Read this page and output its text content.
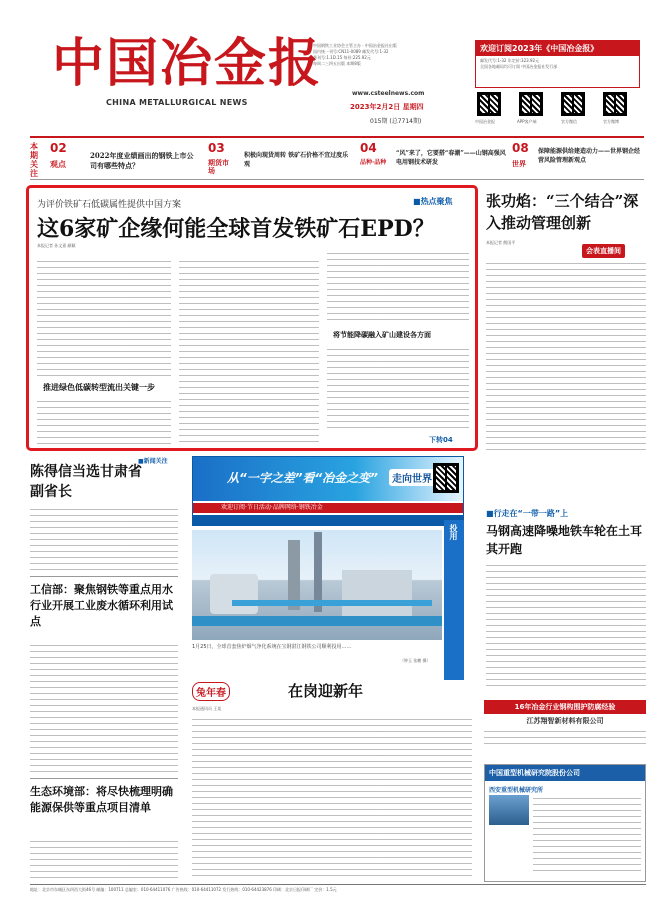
中国冶金报
CHINA METALLURGICAL NEWS
中国钢铁工业协会主管主办 · 中国冶金报社出版
国内统一刊号:CN11-0089 邮发代号:1-32
季刊号:1.1D.15 每份:225.92元
每周二三四五出版 本期8版
www.csteelnews.com
2023年2月2日 星期四
015期 (总7714期)
欢迎订阅2023年《中国冶金报》
邮发代号:1-32 年定价:323.92元
全国各地邮局均可订阅 中国冶金报社发行部
中国冶金报	APP客户端	官方微信	官方微博
本期关注
02
观点
2022年度业绩画出的钢铁上市公司有哪些特点？
03
期货市场
积极向现货周转 铁矿石价格不宜过度乐观
04
品种·品种
“风”来了，它要搭“春潮”——山钢高强风电用钢技术研发
08
世界
保障能源供给建造动力——世界钢企经营风险管理新观点
为评价铁矿石低碳属性提供中国方案	■热点聚焦
这6家矿企缘何能全球首发铁矿石EPD？
本报记者 孙文嘉 颜颖
推进绿色低碳转型流出关键一步
将节能降碳融入矿山建设各方面
下转04
张功焰：“三个结合”深入推动管理创新
本报记者 熊国平
会表直播间
■新闻关注
陈得信当选甘肃省副省长
工信部：聚焦钢铁等重点用水行业开展工业废水循环利用试点
生态环境部：将尽快梳理明确能源保供等重点项目清单
从“一字之差”看“冶金之变”	走向世界
欢迎订阅·节日活动·品牌网络·钢铁冶金
全球首套焦炉烟气净化设备在宝钢湛江成功投用
1月25日，全球首套焦炉烟气净化系统在宝钢湛江钢铁公司顺利投用……
（钟玉 张鹏 摄）
■行走在“一带一路”上
马钢高速降噪地铁车轮在土耳其开跑
兔年春	在岗迎新年
本报通讯员 王某	16年冶金行业钢构围护防腐经验
江苏翔智新材料有限公司
中国重型机械研究院股份公司
西安重型机械研究所
地址：北京市东城区东四西大街46号 邮编：100711 总编室：010-64411076 广告热线：010-64411072 发行热线：010-64423876 印刷：北京日报印刷厂 定价：1.5元
